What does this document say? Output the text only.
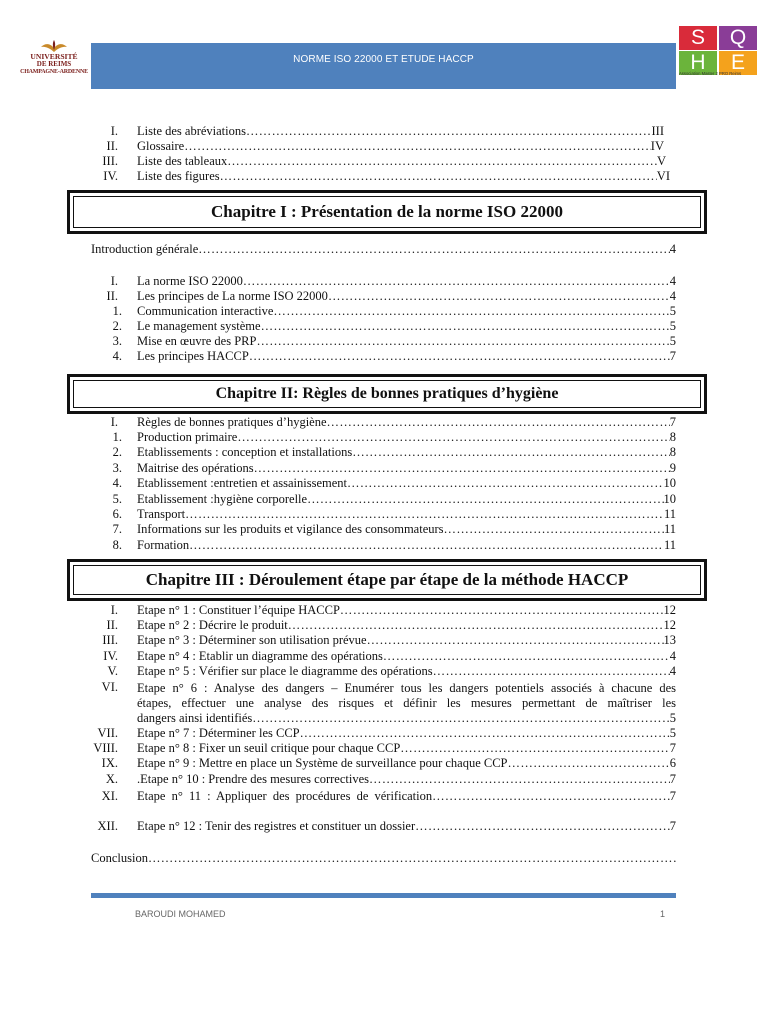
UNIVERSITÉ
DE REIMS
CHAMPAGNE-ARDENNE
NORME ISO 22000 ET ETUDE HACCP
S	Q
H	E
Association Master 2 PRO Reims
I. Liste des abréviations ……………………………………………………………………………………………………………………………………………………	III
II. Glossaire ……………………………………………………………………………………………………………………………………………………	IV
III. Liste des tableaux ……………………………………………………………………………………………………………………………………………………	V
IV. Liste des figures ……………………………………………………………………………………………………………………………………………………	VI
Chapitre I : Présentation de la norme ISO 22000
Introduction générale ……………………………………………………………………………………………………………………………………………………	4
I. La norme ISO 22000 ……………………………………………………………………………………………………………………………………………………	4
II. Les principes de La norme ISO 22000 ……………………………………………………………………………………………………………………………………………………	4
1. Communication interactive ……………………………………………………………………………………………………………………………………………………	5
2. Le management système ……………………………………………………………………………………………………………………………………………………	5
3. Mise en œuvre des PRP ……………………………………………………………………………………………………………………………………………………	5
4. Les principes HACCP ……………………………………………………………………………………………………………………………………………………	7
Chapitre II: Règles de bonnes pratiques d’hygiène
I. Règles de bonnes pratiques d’hygiène ……………………………………………………………………………………………………………………………………………………	7
1. Production primaire ……………………………………………………………………………………………………………………………………………………	8
2. Etablissements : conception et installations ……………………………………………………………………………………………………………………………………………………	8
3. Maitrise des opérations ……………………………………………………………………………………………………………………………………………………	9
4. Etablissement :entretien et assainissement ……………………………………………………………………………………………………………………………………………………	10
5. Etablissement :hygiène corporelle ……………………………………………………………………………………………………………………………………………………	10
6. Transport ……………………………………………………………………………………………………………………………………………………	11
7. Informations sur les produits et vigilance des consommateurs ……………………………………………………………………………………………………………………………………………………	11
8. Formation ……………………………………………………………………………………………………………………………………………………	11
Chapitre III : Déroulement étape par étape de la méthode HACCP
I. Etape n° 1 : Constituer l’équipe HACCP ……………………………………………………………………………………………………………………………………………………	12
II. Etape n° 2 : Décrire le produit ……………………………………………………………………………………………………………………………………………………	12
III. Etape n° 3 : Déterminer son utilisation prévue ……………………………………………………………………………………………………………………………………………………	13
IV. Etape n° 4 : Etablir un diagramme des opérations ……………………………………………………………………………………………………………………………………………………	4
V. Etape n° 5 : Vérifier sur place le diagramme des opérations ……………………………………………………………………………………………………………………………………………………	4
VI. Etape n° 6 : Analyse des dangers – Enumérer tous les dangers potentiels associés à chacune des
étapes, effectuer une analyse des risques et définir les mesures permettant de maîtriser les
dangers ainsi identifiés ……………………………………………………………………………………………………………………………………………………	5
VII. Etape n° 7 : Déterminer les CCP ……………………………………………………………………………………………………………………………………………………	5
VIII. Etape n° 8 : Fixer un seuil critique pour chaque CCP ……………………………………………………………………………………………………………………………………………………	7
IX. Etape n° 9 : Mettre en place un Système de surveillance pour chaque CCP ……………………………………………………………………………………………………………………………………………………	6
X. .Etape n° 10 : Prendre des mesures correctives ……………………………………………………………………………………………………………………………………………………	7
XI. Etape n° 11 : Appliquer des procédures de vérification ……………………………………………………………………………………………………………………………………………………	7
XII. Etape n° 12 : Tenir des registres et constituer un dossier ……………………………………………………………………………………………………………………………………………………	7
Conclusion
……………………………………………………………………………………………………………………………………………………
BAROUDI MOHAMED	1
